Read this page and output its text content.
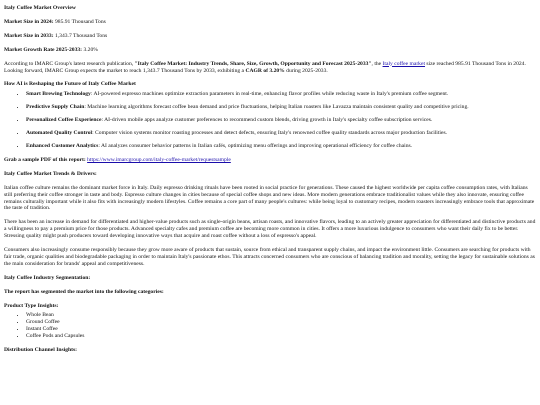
Italy Coffee Market Overview

Market Size in 2024: 985.91 Thousand Tons

Market Size in 2033: 1,343.7 Thousand Tons

Market Growth Rate 2025-2033: 3.20%

According to IMARC Group's latest research publication, "Italy Coffee Market: Industry Trends, Share, Size, Growth, Opportunity and Forecast 2025-2033", the Italy coffee market size reached 985.91 Thousand Tons in 2024. Looking forward, IMARC Group expects the market to reach 1,343.7 Thousand Tons by 2033, exhibiting a CAGR of 3.20% during 2025-2033.

How AI is Reshaping the Future of Italy Coffee Market

• Smart Brewing Technology: AI-powered espresso machines optimize extraction parameters in real-time, enhancing flavor profiles while reducing waste in Italy's premium coffee segment.
• Predictive Supply Chain: Machine learning algorithms forecast coffee bean demand and price fluctuations, helping Italian roasters like Lavazza maintain consistent quality and competitive pricing.
• Personalized Coffee Experience: AI-driven mobile apps analyze customer preferences to recommend custom blends, driving growth in Italy's specialty coffee subscription services.
• Automated Quality Control: Computer vision systems monitor roasting processes and detect defects, ensuring Italy's renowned coffee quality standards across major production facilities.
• Enhanced Customer Analytics: AI analyzes consumer behavior patterns in Italian cafés, optimizing menu offerings and improving operational efficiency for coffee chains.

Grab a sample PDF of this report: https://www.imarcgroup.com/italy-coffee-market/requestsample

Italy Coffee Market Trends & Drivers:

Italian coffee culture remains the dominant market force in Italy. Daily espresso drinking rituals have been rooted in social practice for generations. These caused the highest worldwide per capita coffee consumption rates, with Italians still preferring their coffee stronger in taste and body. Espresso culture changes in cities because of special coffee shops and new ideas. More modern generations embrace traditionalist values while they also innovate, ensuring coffee remains culturally important while it also fits with increasingly modern lifestyles. Coffee remains a core part of many people's cultures: while being loyal to customary recipes, modern roasters increasingly embrace tools that approximate the taste of tradition.

There has been an increase in demand for differentiated and higher-value products such as single-origin beans, artisan roasts, and innovative flavors, leading to an actively greater appreciation for differentiated and distinctive products and a willingness to pay a premium price for those products. Advanced specialty cafes and premium coffee are becoming more common in cities. It offers a more luxurious indulgence to consumers who want their daily fix to be better. Stressing quality might push producers toward developing innovative ways that acquire and roast coffee without a loss of espresso's appeal.

Consumers also increasingly consume responsibly because they grow more aware of products that sustain, source from ethical and transparent supply chains, and impact the environment little. Consumers are searching for products with fair trade, organic qualities and biodegradable packaging in order to maintain Italy's passionate ethos. This attracts concerned consumers who are conscious of balancing tradition and morality, setting the legacy for sustainable solutions as the main consideration for brands' appeal and competitiveness.

Italy Coffee Industry Segmentation:

The report has segmented the market into the following categories:

Product Type Insights:

• Whole Bean
• Ground Coffee
• Instant Coffee
• Coffee Pods and Capsules

Distribution Channel Insights:
